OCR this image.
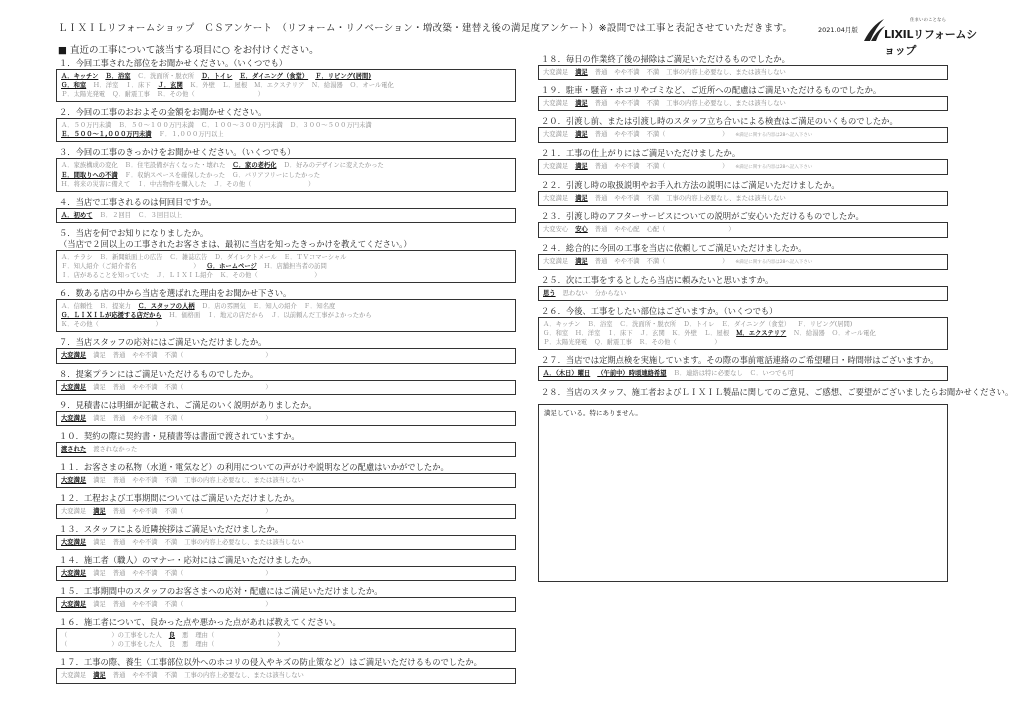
ＬＩＸＩＬリフォームショップ　ＣＳアンケート　（リフォーム・リノベーション・増改築・建替え後の満足度アンケート）※設問では工事と表記させていただきます。	2021.04月版
住まいのことなら
LIXILリフォームショップ
■ 直近の工事について該当する項目に○ をお付けください。
１．今回工事された部位をお聞かせください。（いくつでも）
Ａ．キッチン Ｂ．浴室 Ｃ．洗面所・脱衣所 Ｄ．トイレ Ｅ．ダイニング（食堂） Ｆ．リビング(居間)
Ｇ．和室 Ｈ．洋室 Ｉ．床下 Ｊ．玄関 Ｋ．外壁 Ｌ．屋根 Ｍ．エクステリア Ｎ．給湯器 Ｏ．オール電化
Ｐ．太陽光発電 Ｑ．耐震工事 Ｒ．その他（　　　　　　　　　　）
２．今回の工事のおおよその金額をお聞かせください。
Ａ．５０万円未満 Ｂ．５０～１００万円未満 Ｃ．１００～３００万円未満 Ｄ．３００～５００万円未満
Ｅ．５００～１,０００万円未満 Ｆ．１,０００万円以上
３．今回の工事のきっかけをお聞かせください。（いくつでも）
Ａ．家族構成の変化 Ｂ．住宅設備が古くなった・壊れた Ｃ．家の老朽化 Ｄ．好みのデザインに変えたかった
Ｅ．間取りへの不満 Ｆ．収納スペースを確保したかった Ｇ．バリアフリーにしたかった
Ｈ．将来の災害に備えて Ｉ．中古物件を購入した Ｊ．その他（　　　　　　　　　）
４．当店で工事されるのは何回目ですか。
Ａ．初めて Ｂ．２回目 Ｃ．３回目以上
５．当店を何でお知りになりましたか。
（当店で２回以上の工事されたお客さまは、最初に当店を知ったきっかけを教えてください。）
Ａ．チラシ Ｂ．新聞紙面上の広告 Ｃ．雑誌広告 Ｄ．ダイレクトメール Ｅ．ＴＶコマーシャル
Ｆ．知人紹介（ご紹介者名　　　　　　　　　） Ｇ．ホームページ Ｈ．店舗担当者の訪問
Ｉ．店があることを知っていた Ｊ．ＬＩＸＩＬ紹介 Ｋ．その他（　　　　　　　　　）
６．数ある店の中から当店を選ばれた理由をお聞かせ下さい。
Ａ．信頼性 Ｂ．提案力 Ｃ．スタッフの人柄 Ｄ．店の雰囲気 Ｅ．知人の紹介 Ｆ．知名度
Ｇ．ＬＩＸＩＬが応援する店だから Ｈ．価格面 Ｉ．地元の店だから Ｊ．以前頼んだ工事がよかったから
Ｋ．その他（　　　　　　　　　）
７．当店スタッフの応対にはご満足いただけましたか。
大変満足 満足 普通 やや不満 不満（　　　　　　　　　　　　　）
８．提案プランにはご満足いただけるものでしたか。
大変満足 満足 普通 やや不満 不満（　　　　　　　　　　　　　）
９．見積書には明細が記載され、ご満足のいく説明がありましたか。
大変満足 満足 普通 やや不満 不満（　　　　　　　　　　　　　）
１０．契約の際に契約書・見積書等は書面で渡されていますか。
渡された 渡されなかった
１１．お客さまの私物（水道・電気など）の利用についての声がけや説明などの配慮はいかがでしたか。
大変満足 満足 普通 やや不満 不満 工事の内容上必要なし、または該当しない
１２．工程および工事期間についてはご満足いただけましたか。
大変満足 満足 普通 やや不満 不満（　　　　　　　　　　　　　）
１３．スタッフによる近隣挨拶はご満足いただけましたか。
大変満足 満足 普通 やや不満 不満 工事の内容上必要なし、または該当しない
１４．施工者（職人）のマナー・応対にはご満足いただけましたか。
大変満足 満足 普通 やや不満 不満（　　　　　　　　　　　　　）
１５．工事期間中のスタッフのお客さまへの応対・配慮にはご満足いただけましたか。
大変満足 満足 普通 やや不満 不満（　　　　　　　　　　　　　）
１６．施工者について、良かった点や悪かった点があれば教えてください。
（　　　　　　　）の工事をした人 良 悪 理由（　　　　　　　　　　）
（　　　　　　　）の工事をした人 良 悪 理由（　　　　　　　　　　）
１７．工事の際、養生（工事部位以外へのホコリの侵入やキズの防止策など）はご満足いただけるものでしたか。
大変満足 満足 普通 やや不満 不満 工事の内容上必要なし、または該当しない
１８．毎日の作業終了後の掃除はご満足いただけるものでしたか。
大変満足 満足 普通 やや不満 不満 工事の内容上必要なし、または該当しない
１９．駐車・騒音・ホコリやゴミなど、ご近所への配慮はご満足いただけるものでしたか。
大変満足 満足 普通 やや不満 不満 工事の内容上必要なし、または該当しない
２０．引渡し前、または引渡し時のスタッフ立ち合いによる検査はご満足のいくものでしたか。
大変満足 満足 普通 やや不満 不満（　　　　　　　　　） ※満足に関する内容は28へ記入下さい
２１．工事の仕上がりにはご満足いただけましたか。
大変満足 満足 普通 やや不満 不満（　　　　　　　　　） ※満足に関する内容は28へ記入下さい
２２．引渡し時の取扱説明やお手入れ方法の説明にはご満足いただけましたか。
大変満足 満足 普通 やや不満 不満 工事の内容上必要なし、または該当しない
２３．引渡し時のアフターサービスについての説明がご安心いただけるものでしたか。
大変安心 安心 普通 やや心配 心配（　　　　　　　　　　）
２４．総合的に今回の工事を当店に依頼してご満足いただけましたか。
大変満足 満足 普通 やや不満 不満（　　　　　　　　　） ※満足に関する内容は28へ記入下さい
２５．次に工事をするとしたら当店に頼みたいと思いますか。
思う 思わない 分からない
２６．今後、工事をしたい部位はございますか。（いくつでも）
Ａ．キッチン Ｂ．浴室 Ｃ．洗面所・脱衣所 Ｄ．トイレ Ｅ．ダイニング（食堂） Ｆ．リビング(居間)
Ｇ．和室 Ｈ．洋室 Ｉ．床下 Ｊ．玄関 Ｋ．外壁 Ｌ．屋根 Ｍ．エクステリア Ｎ．給湯器 Ｏ．オール電化
Ｐ．太陽光発電 Ｑ．耐震工事 Ｒ．その他（　　　　　　）
２７．当店では定期点検を実施しています。その際の事前電話連絡のご希望曜日・時間帯はございますか。
Ａ．（木日）曜日 （午前中）時頃連絡希望 Ｂ．連絡は特に必要なし Ｃ．いつでも可
２８．当店のスタッフ、施工者およびＬＩＸＩＬ製品に関してのご意見、ご感想、ご要望がございましたらお聞かせください。
満足している。特にありません。
